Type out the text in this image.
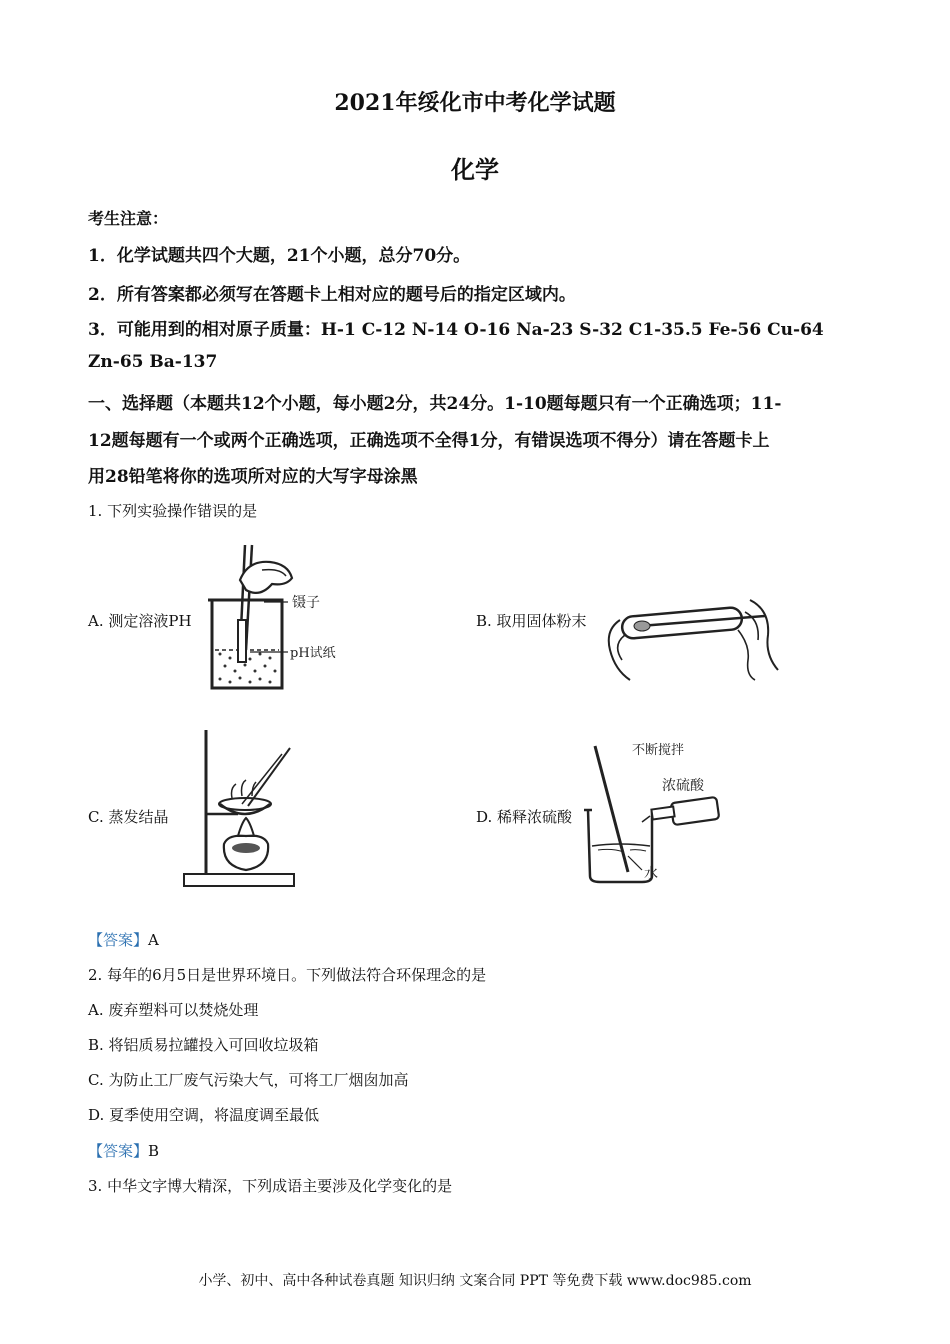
2021年绥化市中考化学试题
化学
考生注意：
1．化学试题共四个大题，21个小题，总分70分。
2．所有答案都必须写在答题卡上相对应的题号后的指定区域内。
3．可能用到的相对原子质量：H-1 C-12 N-14 O-16 Na-23 S-32 C1-35.5 Fe-56 Cu-64
Zn-65 Ba-137
一、选择题（本题共12个小题，每小题2分，共24分。1-10题每题只有一个正确选项；11-
12题每题有一个或两个正确选项，正确选项不全得1分，有错误选项不得分）请在答题卡上
用28铅笔将你的选项所对应的大写字母涂黑
1. 下列实验操作错误的是
A. 测定溶液PH	B. 取用固体粉末
C. 蒸发结晶	D. 稀释浓硫酸
镊子
pH试纸
不断搅拌
浓硫酸
水
【答案】A
2. 每年的6月5日是世界环境日。下列做法符合环保理念的是
A. 废弃塑料可以焚烧处理
B. 将铝质易拉罐投入可回收垃圾箱
C. 为防止工厂废气污染大气，可将工厂烟囱加高
D. 夏季使用空调，将温度调至最低
【答案】B
3. 中华文字博大精深，下列成语主要涉及化学变化的是
小学、初中、高中各种试卷真题 知识归纳 文案合同 PPT 等免费下载 www.doc985.com
